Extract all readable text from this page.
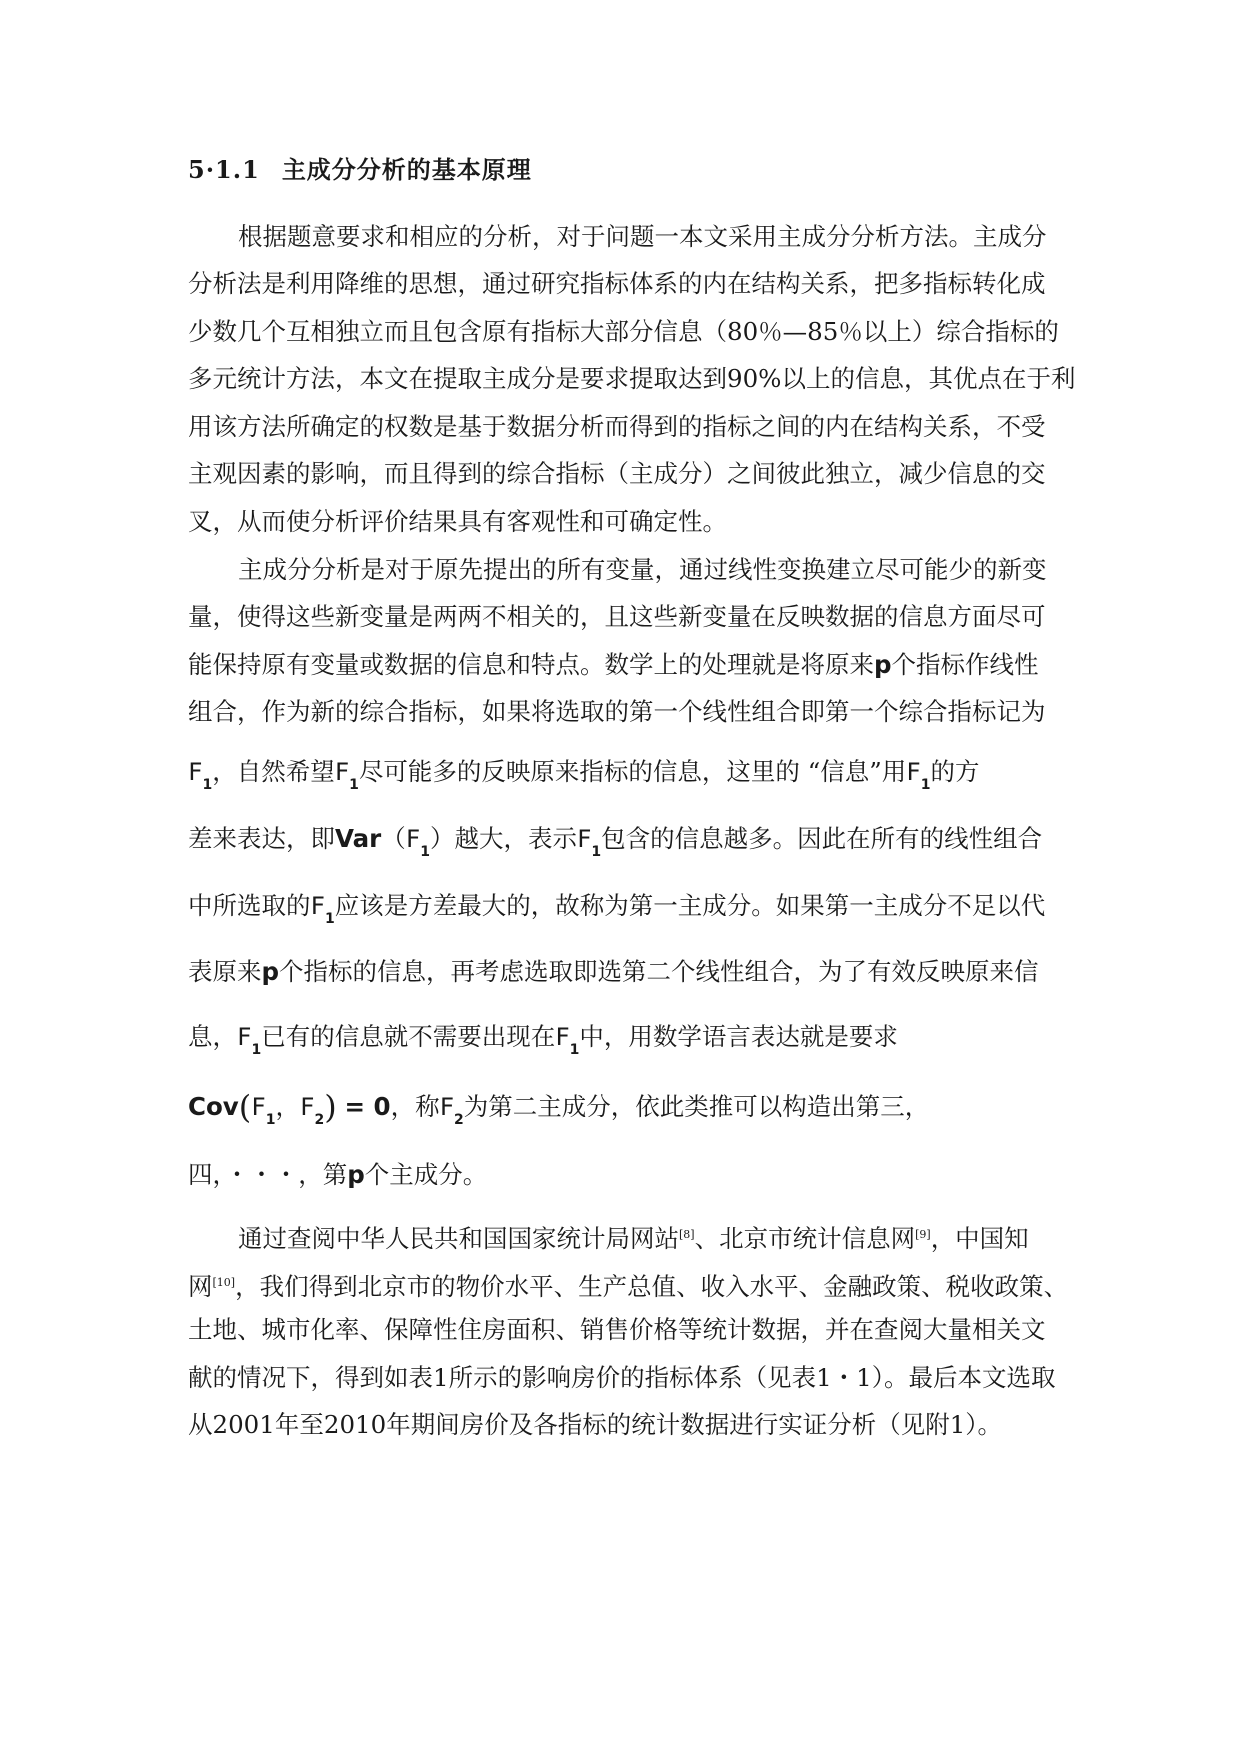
5·1.1 主成分分析的基本原理
根据题意要求和相应的分析，对于问题一本文采用主成分分析方法。主成分
分析法是利用降维的思想，通过研究指标体系的内在结构关系，把多指标转化成
少数几个互相独立而且包含原有指标大部分信息（80％—85％以上）综合指标的
多元统计方法，本文在提取主成分是要求提取达到90%以上的信息，其优点在于利
用该方法所确定的权数是基于数据分析而得到的指标之间的内在结构关系，不受
主观因素的影响，而且得到的综合指标（主成分）之间彼此独立，减少信息的交
叉，从而使分析评价结果具有客观性和可确定性。
主成分分析是对于原先提出的所有变量，通过线性变换建立尽可能少的新变
量，使得这些新变量是两两不相关的，且这些新变量在反映数据的信息方面尽可
能保持原有变量或数据的信息和特点。数学上的处理就是将原来p个指标作线性
组合，作为新的综合指标，如果将选取的第一个线性组合即第一个综合指标记为
$F_1$，自然希望$F_1$尽可能多的反映原来指标的信息，这里的 “信息”用$F_1$的方
差来表达，即$Var(F_1)$越大，表示$F_1$包含的信息越多。因此在所有的线性组合
中所选取的$F_1$应该是方差最大的，故称为第一主成分。如果第一主成分不足以代
表原来p个指标的信息，再考虑选取即选第二个线性组合，为了有效反映原来信
息，$F_1$已有的信息就不需要出现在$F_1$中，用数学语言表达就是要求
$Cov(F_1$，$F_2) = 0$，称$F_2$为第二主成分，依此类推可以构造出第三，
四，・・・，第p个主成分。
通过查阅中华人民共和国国家统计局网站[8]、北京市统计信息网[9]，中国知
网[10]，我们得到北京市的物价水平、生产总值、收入水平、金融政策、税收政策、
土地、城市化率、保障性住房面积、销售价格等统计数据，并在查阅大量相关文
献的情况下，得到如表1所示的影响房价的指标体系（见表1・1）。最后本文选取
从2001年至2010年期间房价及各指标的统计数据进行实证分析（见附1）。
